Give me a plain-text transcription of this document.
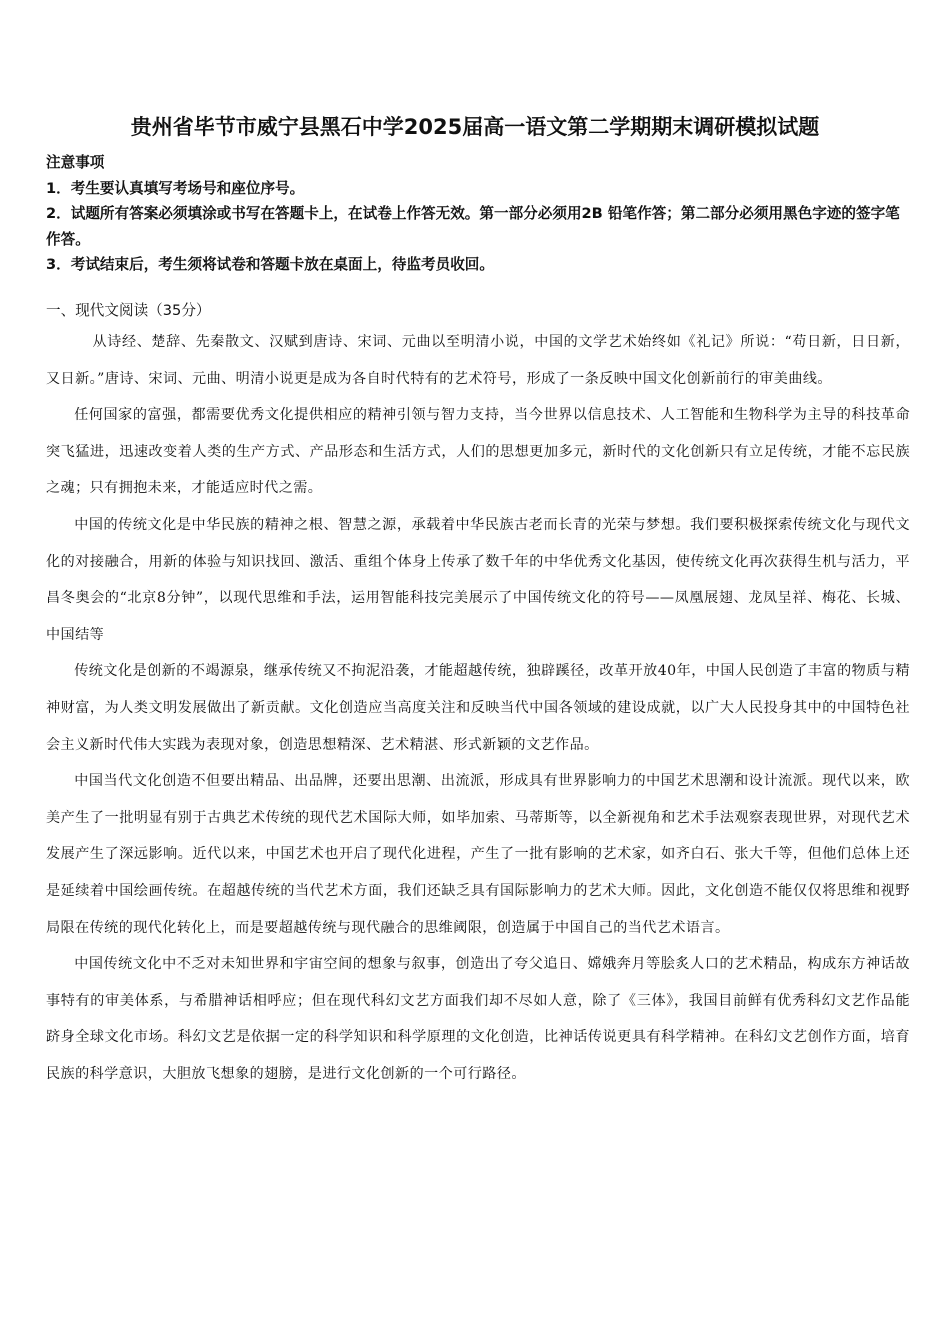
贵州省毕节市威宁县黑石中学2025届高一语文第二学期期末调研模拟试题
注意事项
1．考生要认真填写考场号和座位序号。
2．试题所有答案必须填涂或书写在答题卡上，在试卷上作答无效。第一部分必须用2B 铅笔作答；第二部分必须用黑色字迹的签字笔作答。
3．考试结束后，考生须将试卷和答题卡放在桌面上，待监考员收回。
一、现代文阅读（35分）

从诗经、楚辞、先秦散文、汉赋到唐诗、宋词、元曲以至明清小说，中国的文学艺术始终如《礼记》所说：“苟日新，日日新，又日新。”唐诗、宋词、元曲、明清小说更是成为各自时代特有的艺术符号，形成了一条反映中国文化创新前行的审美曲线。

任何国家的富强，都需要优秀文化提供相应的精神引领与智力支持，当今世界以信息技术、人工智能和生物科学为主导的科技革命突飞猛进，迅速改变着人类的生产方式、产品形态和生活方式，人们的思想更加多元，新时代的文化创新只有立足传统，才能不忘民族之魂；只有拥抱未来，才能适应时代之需。

中国的传统文化是中华民族的精神之根、智慧之源，承载着中华民族古老而长青的光荣与梦想。我们要积极探索传统文化与现代文化的对接融合，用新的体验与知识找回、激活、重组个体身上传承了数千年的中华优秀文化基因，使传统文化再次获得生机与活力，平昌冬奥会的“北京8分钟”，以现代思维和手法，运用智能科技完美展示了中国传统文化的符号——凤凰展翅、龙凤呈祥、梅花、长城、中国结等

传统文化是创新的不竭源泉，继承传统又不拘泥沿袭，才能超越传统，独辟蹊径，改革开放40年，中国人民创造了丰富的物质与精神财富，为人类文明发展做出了新贡献。文化创造应当高度关注和反映当代中国各领域的建设成就，以广大人民投身其中的中国特色社会主义新时代伟大实践为表现对象，创造思想精深、艺术精湛、形式新颖的文艺作品。

中国当代文化创造不但要出精品、出品牌，还要出思潮、出流派，形成具有世界影响力的中国艺术思潮和设计流派。现代以来，欧美产生了一批明显有别于古典艺术传统的现代艺术国际大师，如毕加索、马蒂斯等，以全新视角和艺术手法观察表现世界，对现代艺术发展产生了深远影响。近代以来，中国艺术也开启了现代化进程，产生了一批有影响的艺术家，如齐白石、张大千等，但他们总体上还是延续着中国绘画传统。在超越传统的当代艺术方面，我们还缺乏具有国际影响力的艺术大师。因此，文化创造不能仅仅将思维和视野局限在传统的现代化转化上，而是要超越传统与现代融合的思维阈限，创造属于中国自己的当代艺术语言。

中国传统文化中不乏对未知世界和宇宙空间的想象与叙事，创造出了夸父追日、嫦娥奔月等脍炙人口的艺术精品，构成东方神话故事特有的审美体系，与希腊神话相呼应；但在现代科幻文艺方面我们却不尽如人意，除了《三体》，我国目前鲜有优秀科幻文艺作品能跻身全球文化市场。科幻文艺是依据一定的科学知识和科学原理的文化创造，比神话传说更具有科学精神。在科幻文艺创作方面，培育民族的科学意识，大胆放飞想象的翅膀，是进行文化创新的一个可行路径。
